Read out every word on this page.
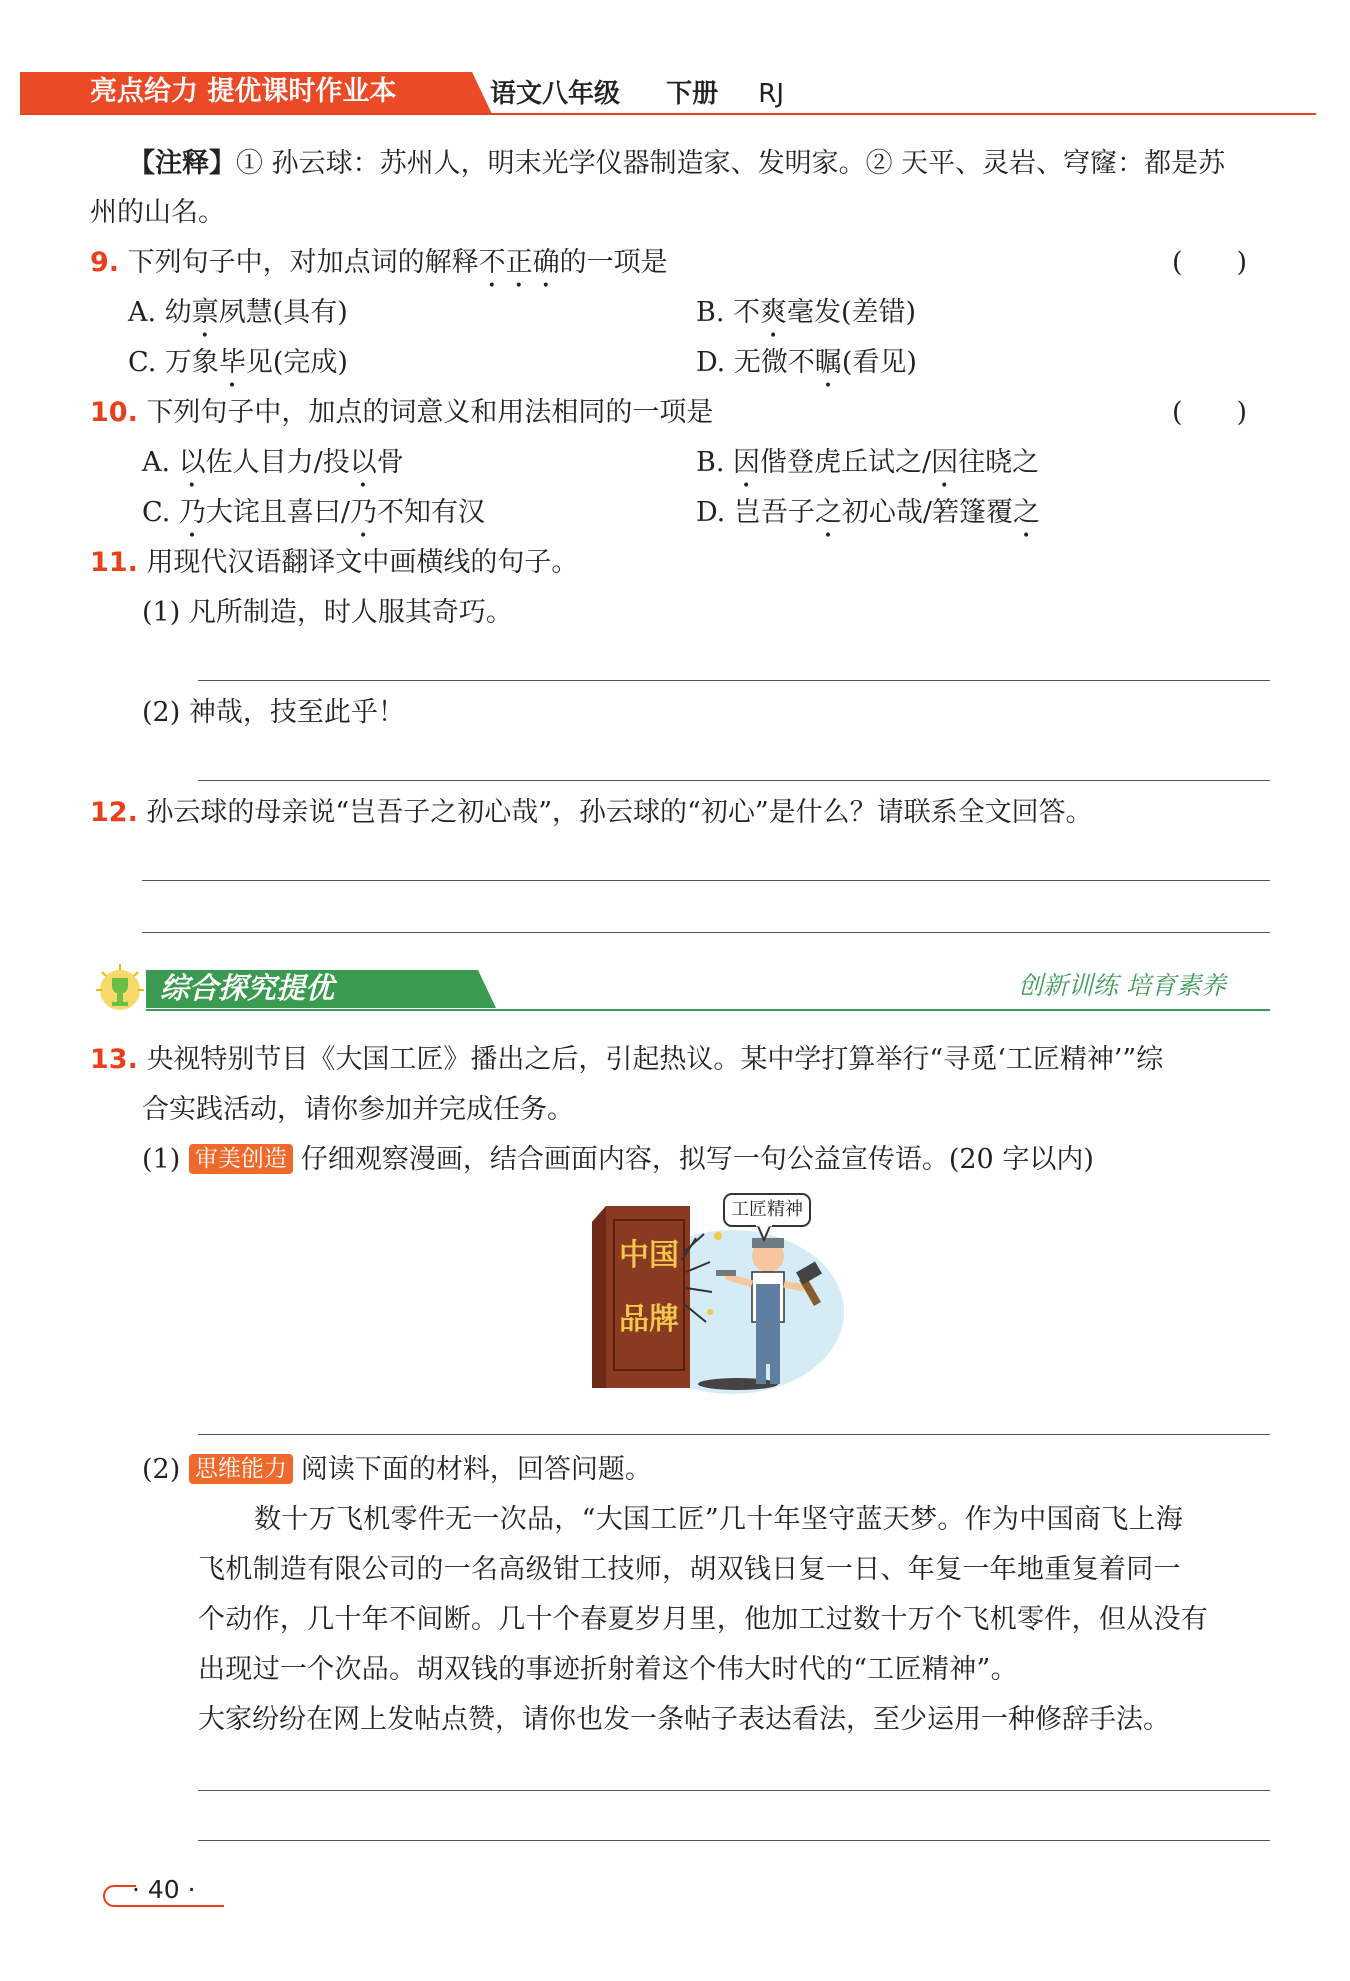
亮点给力 提优课时作业本	语文八年级 下册 RJ
【注释】① 孙云球：苏州人，明末光学仪器制造家、发明家。② 天平、灵岩、穹窿：都是苏
州的山名。
9. 下列句子中，对加点词的解释不正确的一项是	(　　)
A. 幼禀夙慧(具有)	B. 不爽毫发(差错)
C. 万象毕见(完成)	D. 无微不瞩(看见)
10. 下列句子中，加点的词意义和用法相同的一项是	(　　)
A. 以佐人目力/投以骨	B. 因偕登虎丘试之/因往晓之
C. 乃大诧且喜曰/乃不知有汉	D. 岂吾子之初心哉/箬篷覆之
11. 用现代汉语翻译文中画横线的句子。
(1) 凡所制造，时人服其奇巧。
(2) 神哉，技至此乎！
12. 孙云球的母亲说“岂吾子之初心哉”，孙云球的“初心”是什么？请联系全文回答。
综合探究提优	创新训练 培育素养
13. 央视特别节目《大国工匠》播出之后，引起热议。某中学打算举行“寻觅‘工匠精神’”综
合实践活动，请你参加并完成任务。
(1) 审美创造 仔细观察漫画，结合画面内容，拟写一句公益宣传语。(20 字以内)
中国
品牌
工匠精神
(2) 思维能力 阅读下面的材料，回答问题。
数十万飞机零件无一次品，“大国工匠”几十年坚守蓝天梦。作为中国商飞上海
飞机制造有限公司的一名高级钳工技师，胡双钱日复一日、年复一年地重复着同一
个动作，几十年不间断。几十个春夏岁月里，他加工过数十万个飞机零件，但从没有
出现过一个次品。胡双钱的事迹折射着这个伟大时代的“工匠精神”。
大家纷纷在网上发帖点赞，请你也发一条帖子表达看法，至少运用一种修辞手法。
· 40 ·
